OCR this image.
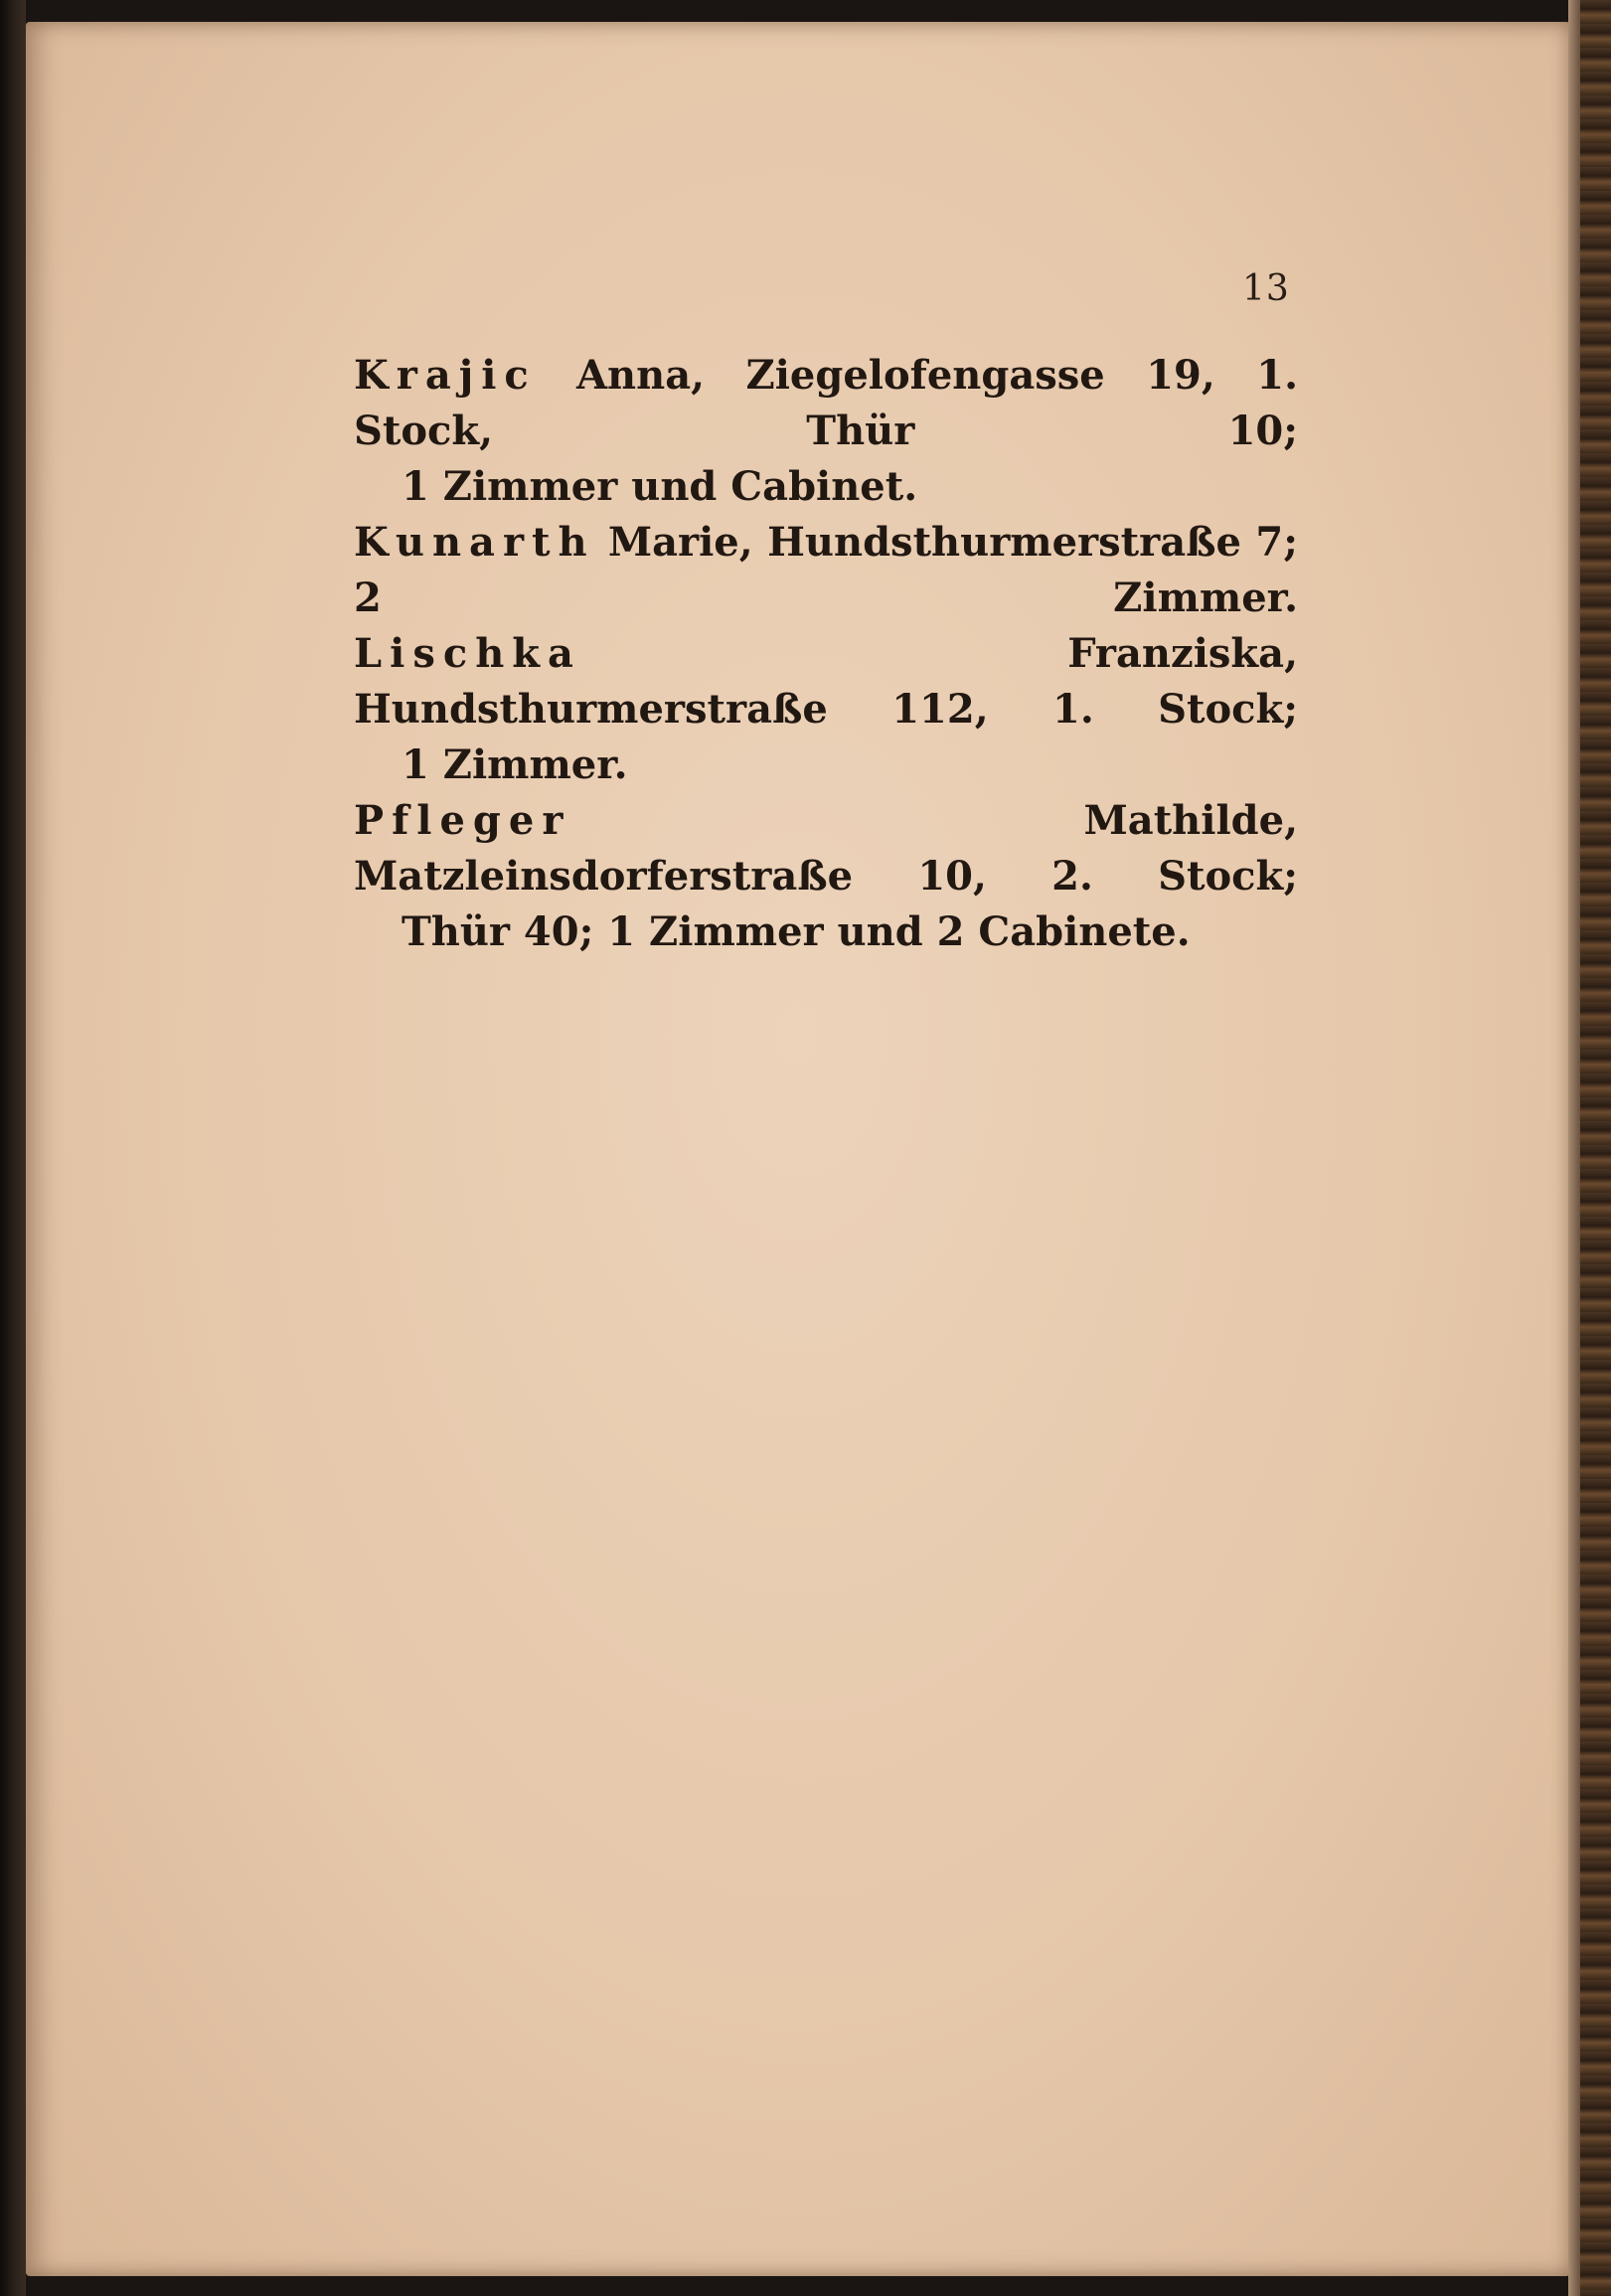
13

Krajic Anna, Ziegelofengasse 19, 1. Stock, Thür 10;

1 Zimmer und Cabinet.

Kunarth Marie, Hundsthurmerstraße 7; 2 Zimmer.

Lischka	Franziska, Hundsthurmerstraße 112, 1. Stock;

1 Zimmer.

Pfleger	Mathilde, Matzleinsdorferstraße 10, 2. Stock;

Thür 40; 1 Zimmer und 2 Cabinete.
